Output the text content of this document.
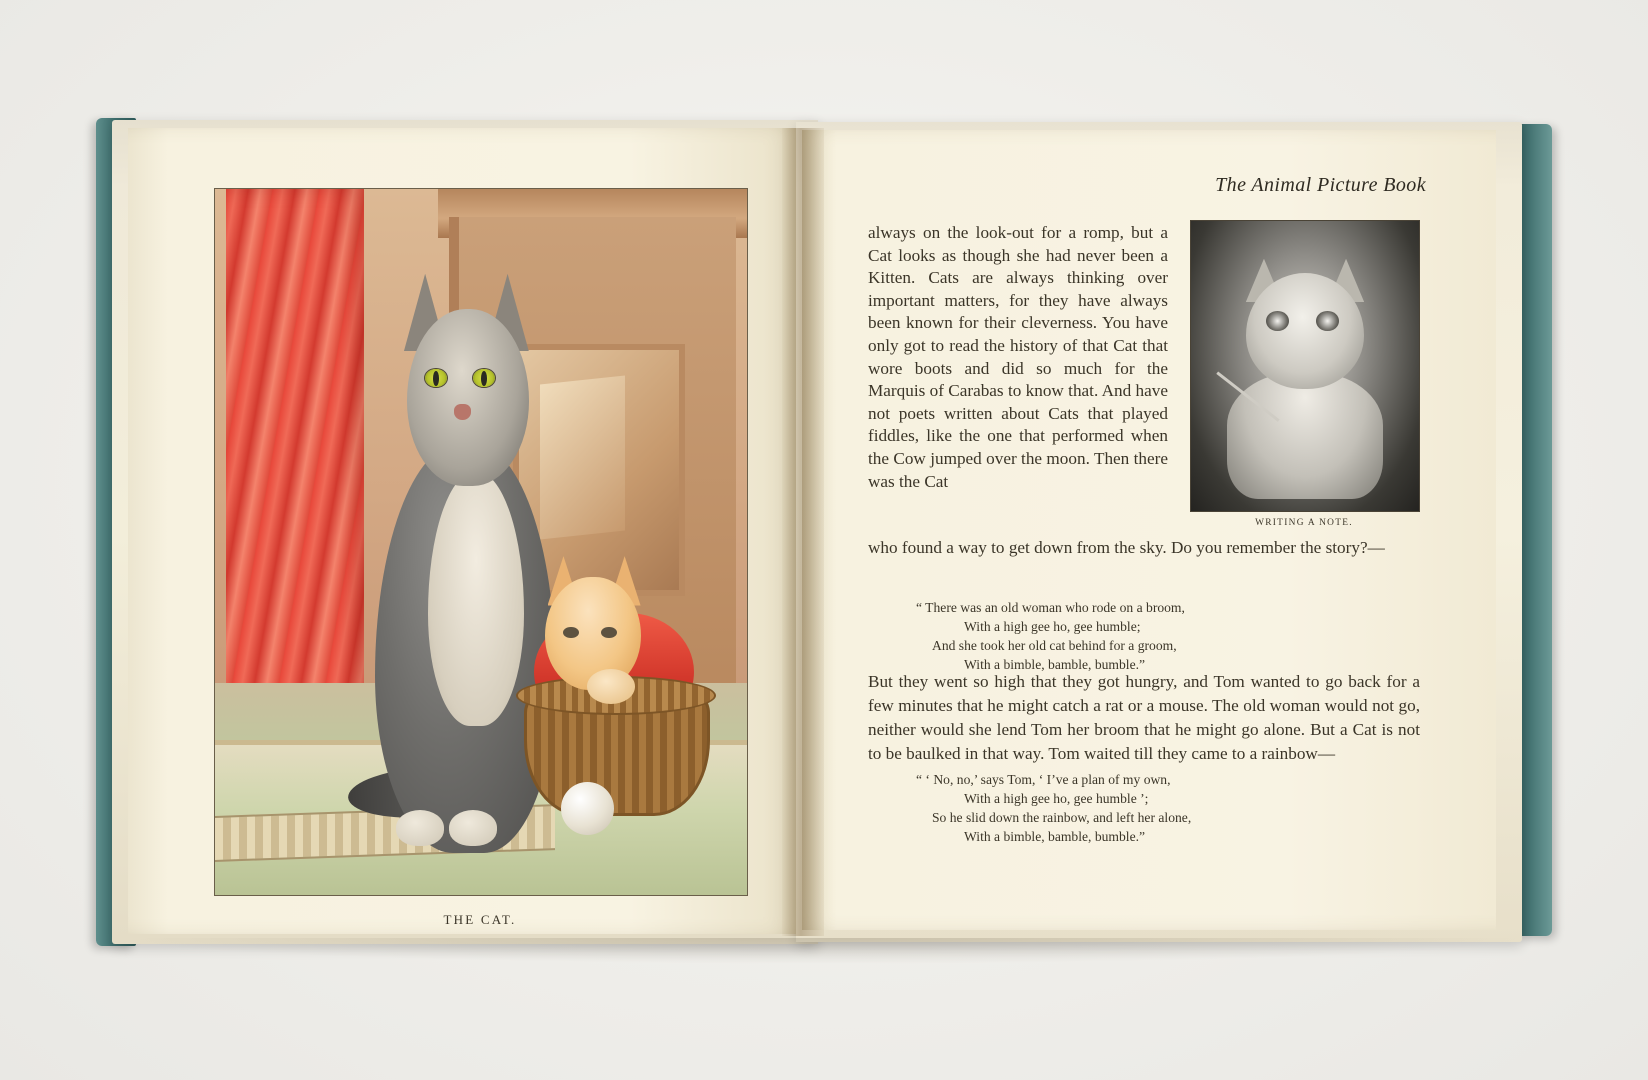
THE CAT.
The Animal Picture Book
always on the look-out for a romp, but a Cat looks as though she had never been a Kitten. Cats are always thinking over important matters, for they have always been known for their cleverness. You have only got to read the history of that Cat that wore boots and did so much for the Marquis of Carabas to know that. And have not poets written about Cats that played fiddles, like the one that performed when the Cow jumped over the moon. Then there was the Cat
WRITING A NOTE.
who found a way to get down from the sky. Do you remember the story?—
“ There was an old woman who rode on a broom,
With a high gee ho, gee humble;
And she took her old cat behind for a groom,
With a bimble, bamble, bumble.”
But they went so high that they got hungry, and Tom wanted to go back for a few minutes that he might catch a rat or a mouse. The old woman would not go, neither would she lend Tom her broom that he might go alone. But a Cat is not to be baulked in that way. Tom waited till they came to a rainbow—
“ ‘ No, no,’ says Tom, ‘ I’ve a plan of my own,
With a high gee ho, gee humble ’;
So he slid down the rainbow, and left her alone,
With a bimble, bamble, bumble.”
